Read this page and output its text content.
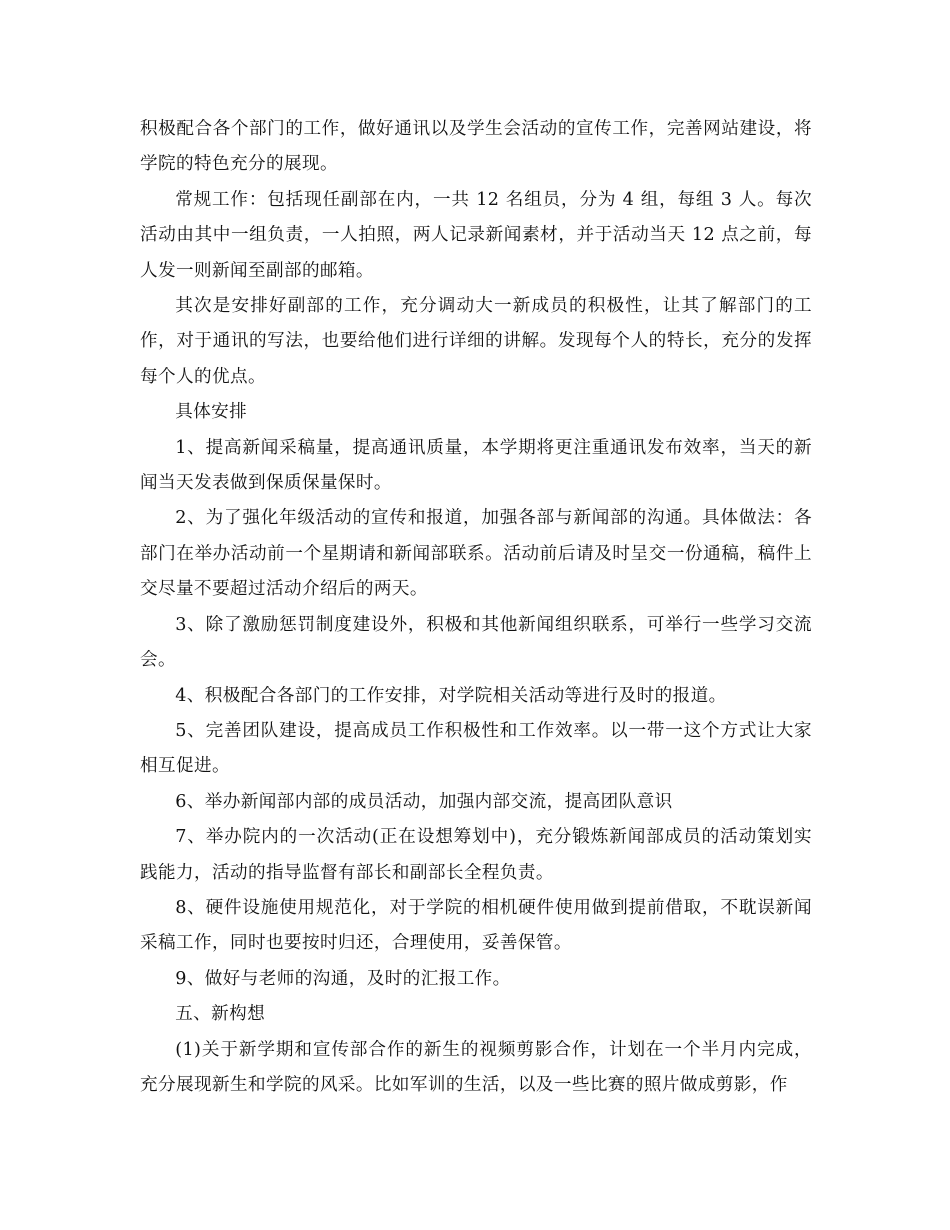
积极配合各个部门的工作，做好通讯以及学生会活动的宣传工作，完善网站建设，将学院的特色充分的展现。

常规工作：包括现任副部在内，一共 12 名组员，分为 4 组，每组 3 人。每次活动由其中一组负责，一人拍照，两人记录新闻素材，并于活动当天 12 点之前，每人发一则新闻至副部的邮箱。

其次是安排好副部的工作，充分调动大一新成员的积极性，让其了解部门的工作，对于通讯的写法，也要给他们进行详细的讲解。发现每个人的特长，充分的发挥每个人的优点。

具体安排

1、提高新闻采稿量，提高通讯质量，本学期将更注重通讯发布效率，当天的新闻当天发表做到保质保量保时。

2、为了强化年级活动的宣传和报道，加强各部与新闻部的沟通。具体做法：各部门在举办活动前一个星期请和新闻部联系。活动前后请及时呈交一份通稿，稿件上交尽量不要超过活动介绍后的两天。

3、除了激励惩罚制度建设外，积极和其他新闻组织联系，可举行一些学习交流会。

4、积极配合各部门的工作安排，对学院相关活动等进行及时的报道。

5、完善团队建设，提高成员工作积极性和工作效率。以一带一这个方式让大家相互促进。

6、举办新闻部内部的成员活动，加强内部交流，提高团队意识

7、举办院内的一次活动(正在设想筹划中)，充分锻炼新闻部成员的活动策划实践能力，活动的指导监督有部长和副部长全程负责。

8、硬件设施使用规范化，对于学院的相机硬件使用做到提前借取，不耽误新闻采稿工作，同时也要按时归还，合理使用，妥善保管。

9、做好与老师的沟通，及时的汇报工作。

五、新构想

(1)关于新学期和宣传部合作的新生的视频剪影合作，计划在一个半月内完成，充分展现新生和学院的风采。比如军训的生活，以及一些比赛的照片做成剪影，作
